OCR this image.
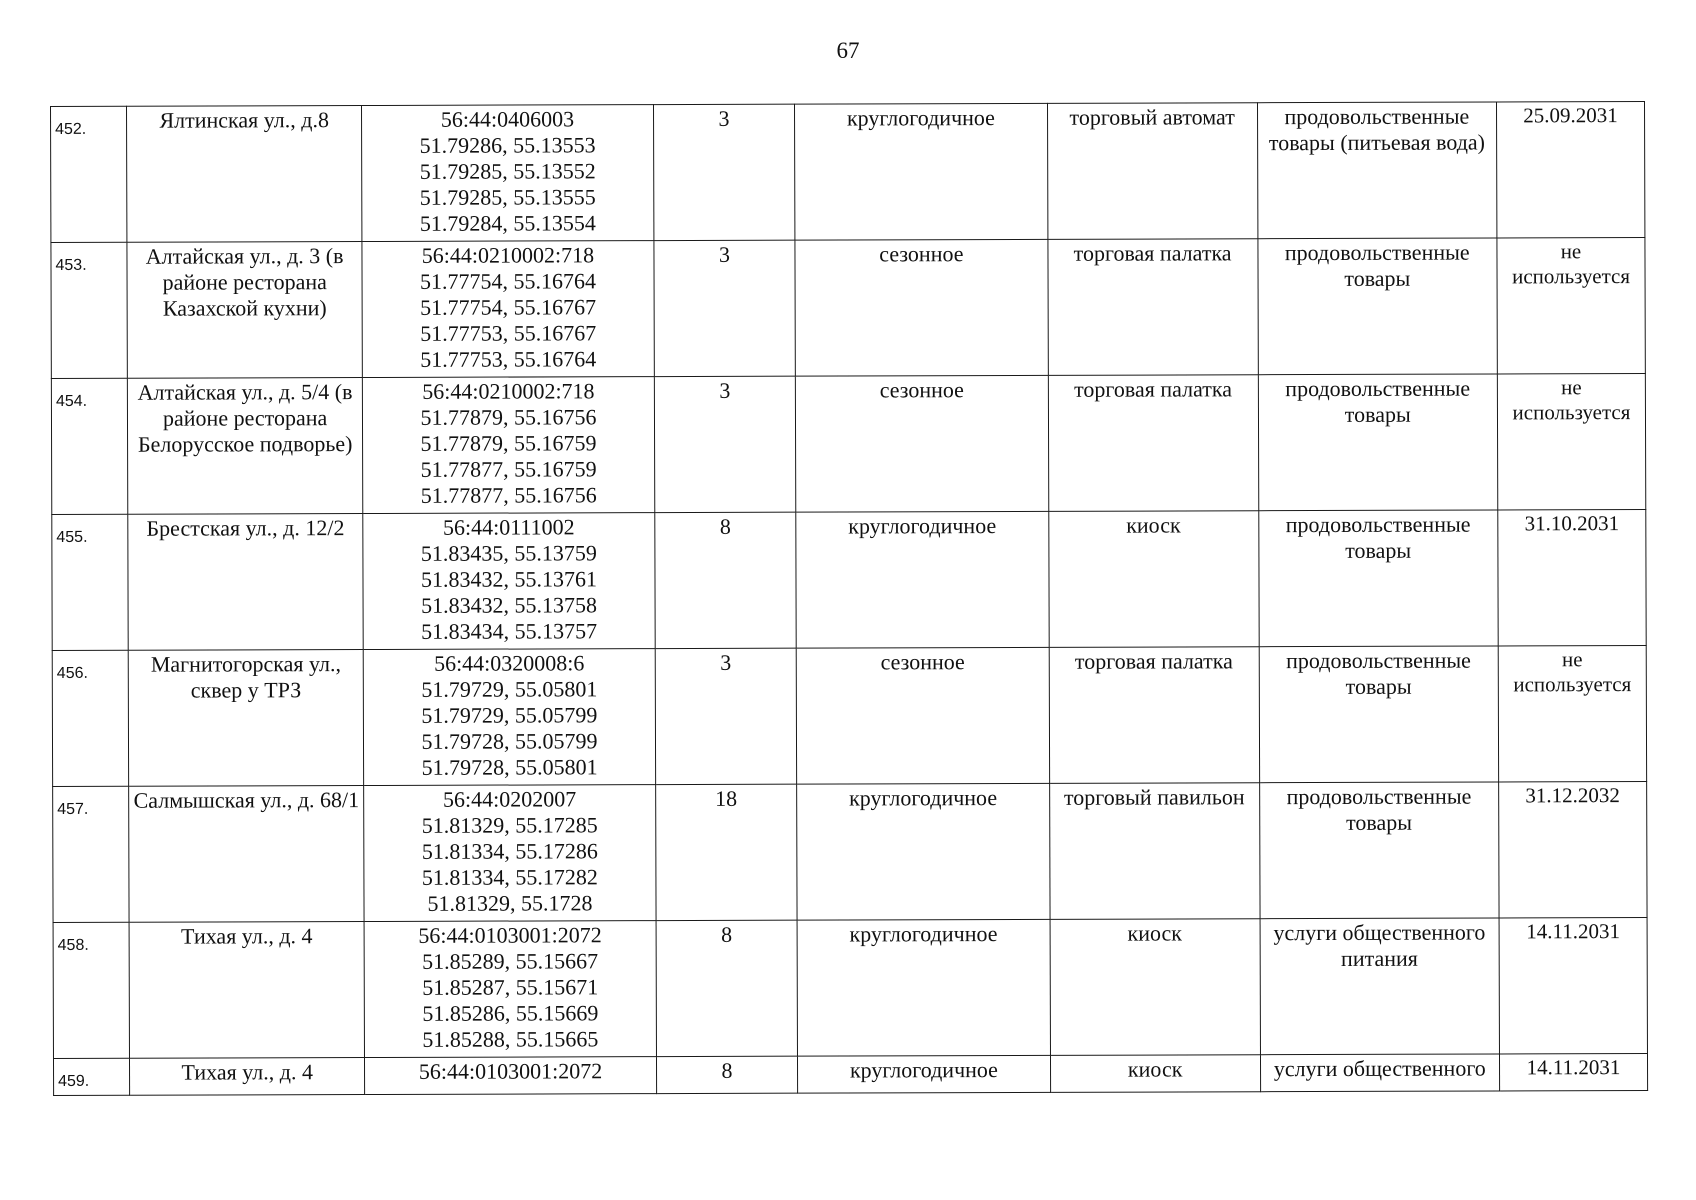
67
452.	Ялтинская ул., д.8	56:44:0406003
51.79286, 55.13553
51.79285, 55.13552
51.79285, 55.13555
51.79284, 55.13554	3	круглогодичное	торговый автомат	продовольственные товары (питьевая вода)	25.09.2031
453.	Алтайская ул., д. 3 (в районе ресторана Казахской кухни)	56:44:0210002:718
51.77754, 55.16764
51.77754, 55.16767
51.77753, 55.16767
51.77753, 55.16764	3	сезонное	торговая палатка	продовольственные товары	не используется
454.	Алтайская ул., д. 5/4 (в районе ресторана Белорусское подворье)	56:44:0210002:718
51.77879, 55.16756
51.77879, 55.16759
51.77877, 55.16759
51.77877, 55.16756	3	сезонное	торговая палатка	продовольственные товары	не используется
455.	Брестская ул., д. 12/2	56:44:0111002
51.83435, 55.13759
51.83432, 55.13761
51.83432, 55.13758
51.83434, 55.13757	8	круглогодичное	киоск	продовольственные товары	31.10.2031
456.	Магнитогорская ул., сквер у ТРЗ	56:44:0320008:6
51.79729, 55.05801
51.79729, 55.05799
51.79728, 55.05799
51.79728, 55.05801	3	сезонное	торговая палатка	продовольственные товары	не используется
457.	Салмышская ул., д. 68/1	56:44:0202007
51.81329, 55.17285
51.81334, 55.17286
51.81334, 55.17282
51.81329, 55.1728	18	круглогодичное	торговый павильон	продовольственные товары	31.12.2032
458.	Тихая ул., д. 4	56:44:0103001:2072
51.85289, 55.15667
51.85287, 55.15671
51.85286, 55.15669
51.85288, 55.15665	8	круглогодичное	киоск	услуги общественного питания	14.11.2031
459.	Тихая ул., д. 4	56:44:0103001:2072	8	круглогодичное	киоск	услуги общественного	14.11.2031
